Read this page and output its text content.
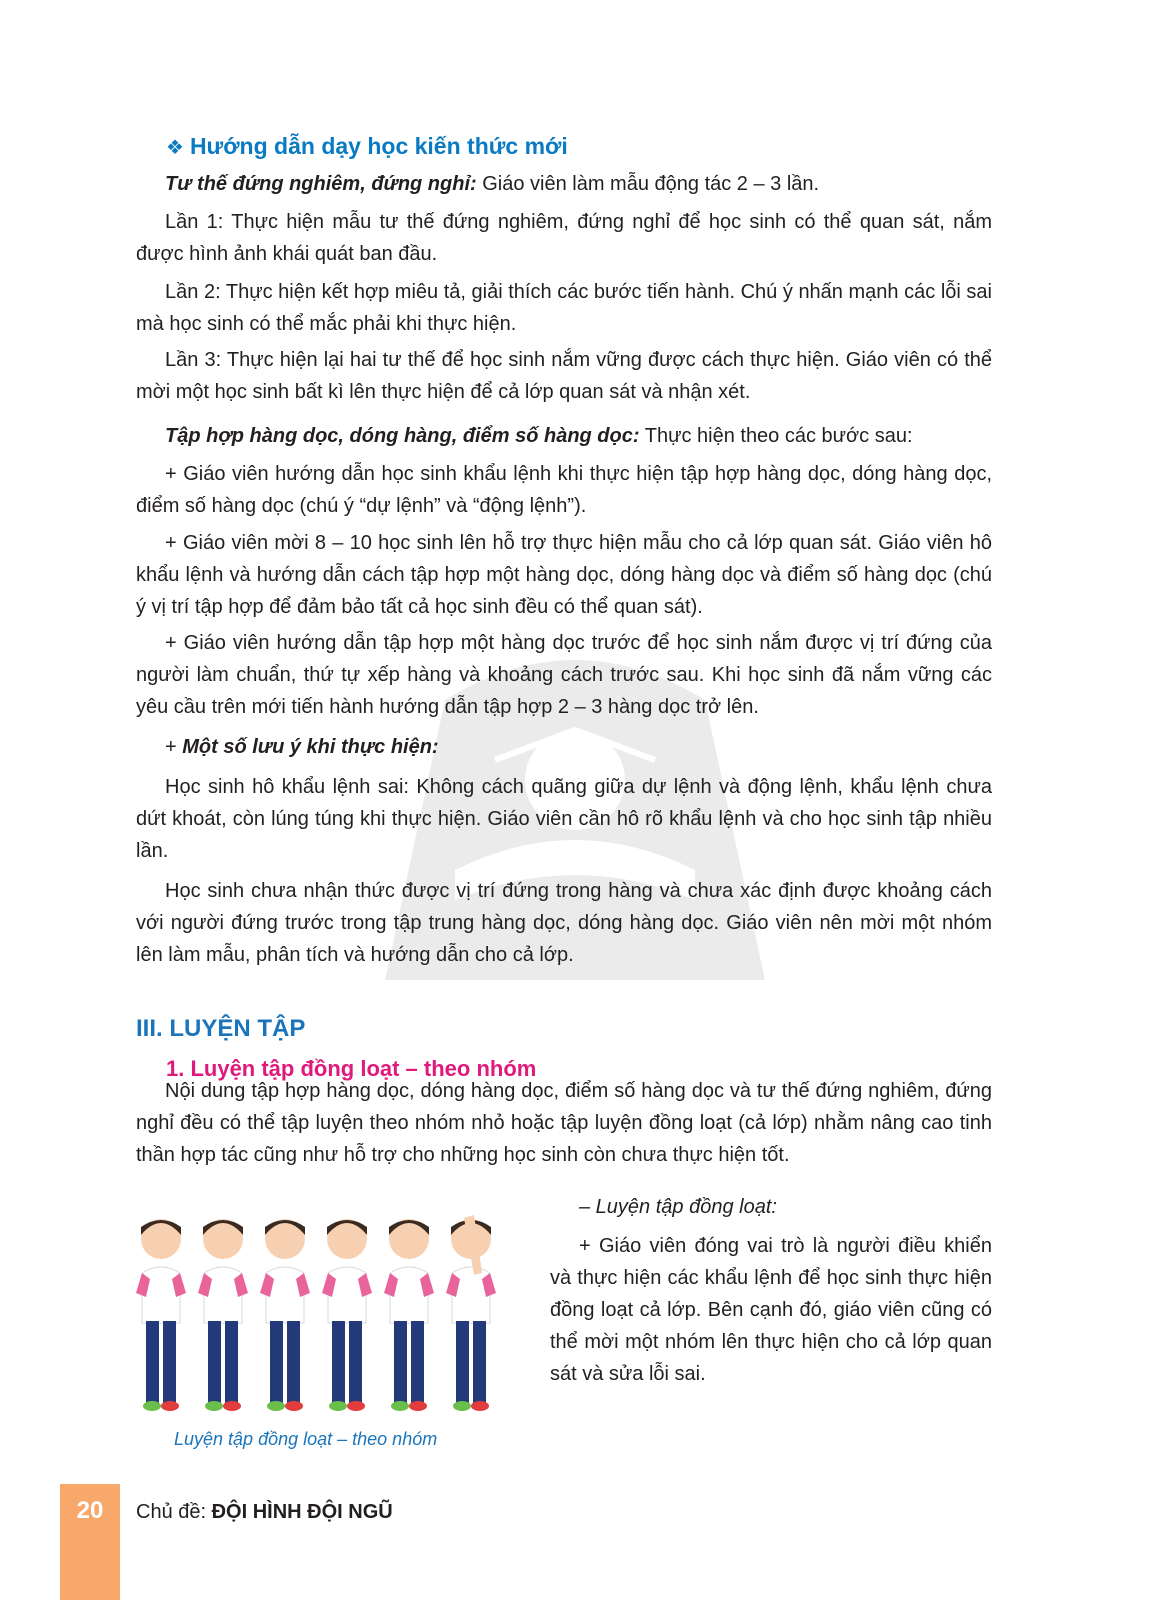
❖ Hướng dẫn dạy học kiến thức mới

Tư thế đứng nghiêm, đứng nghỉ: Giáo viên làm mẫu động tác 2 – 3 lần.

Lần 1: Thực hiện mẫu tư thế đứng nghiêm, đứng nghỉ để học sinh có thể quan sát, nắm được hình ảnh khái quát ban đầu.

Lần 2: Thực hiện kết hợp miêu tả, giải thích các bước tiến hành. Chú ý nhấn mạnh các lỗi sai mà học sinh có thể mắc phải khi thực hiện.

Lần 3: Thực hiện lại hai tư thế để học sinh nắm vững được cách thực hiện. Giáo viên có thể mời một học sinh bất kì lên thực hiện để cả lớp quan sát và nhận xét.

Tập hợp hàng dọc, dóng hàng, điểm số hàng dọc: Thực hiện theo các bước sau:

+ Giáo viên hướng dẫn học sinh khẩu lệnh khi thực hiện tập hợp hàng dọc, dóng hàng dọc, điểm số hàng dọc (chú ý “dự lệnh” và “động lệnh”).

+ Giáo viên mời 8 – 10 học sinh lên hỗ trợ thực hiện mẫu cho cả lớp quan sát. Giáo viên hô khẩu lệnh và hướng dẫn cách tập hợp một hàng dọc, dóng hàng dọc và điểm số hàng dọc (chú ý vị trí tập hợp để đảm bảo tất cả học sinh đều có thể quan sát).

+ Giáo viên hướng dẫn tập hợp một hàng dọc trước để học sinh nắm được vị trí đứng của người làm chuẩn, thứ tự xếp hàng và khoảng cách trước sau. Khi học sinh đã nắm vững các yêu cầu trên mới tiến hành hướng dẫn tập hợp 2 – 3 hàng dọc trở lên.

+ Một số lưu ý khi thực hiện:

Học sinh hô khẩu lệnh sai: Không cách quãng giữa dự lệnh và động lệnh, khẩu lệnh chưa dứt khoát, còn lúng túng khi thực hiện. Giáo viên cần hô rõ khẩu lệnh và cho học sinh tập nhiều lần.

Học sinh chưa nhận thức được vị trí đứng trong hàng và chưa xác định được khoảng cách với người đứng trước trong tập trung hàng dọc, dóng hàng dọc. Giáo viên nên mời một nhóm lên làm mẫu, phân tích và hướng dẫn cho cả lớp.

III. LUYỆN TẬP
1. Luyện tập đồng loạt – theo nhóm

Nội dung tập hợp hàng dọc, dóng hàng dọc, điểm số hàng dọc và tư thế đứng nghiêm, đứng nghỉ đều có thể tập luyện theo nhóm nhỏ hoặc tập luyện đồng loạt (cả lớp) nhằm nâng cao tinh thần hợp tác cũng như hỗ trợ cho những học sinh còn chưa thực hiện tốt.

Luyện tập đồng loạt – theo nhóm

– Luyện tập đồng loạt:

+ Giáo viên đóng vai trò là người điều khiển và thực hiện các khẩu lệnh để học sinh thực hiện đồng loạt cả lớp. Bên cạnh đó, giáo viên cũng có thể mời một nhóm lên thực hiện cho cả lớp quan sát và sửa lỗi sai.

20	Chủ đề: ĐỘI HÌNH ĐỘI NGŨ
